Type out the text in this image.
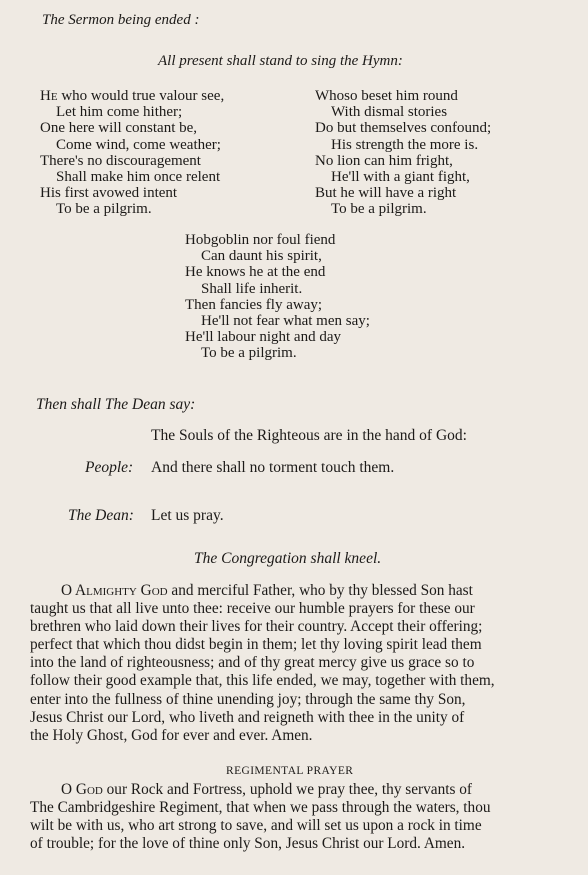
The Sermon being ended :
All present shall stand to sing the Hymn:
He who would true valour see,
Let him come hither;
One here will constant be,
Come wind, come weather;
There's no discouragement
Shall make him once relent
His first avowed intent
To be a pilgrim.
Whoso beset him round
With dismal stories
Do but themselves confound;
His strength the more is.
No lion can him fright,
He'll with a giant fight,
But he will have a right
To be a pilgrim.
Hobgoblin nor foul fiend
Can daunt his spirit,
He knows he at the end
Shall life inherit.
Then fancies fly away;
He'll not fear what men say;
He'll labour night and day
To be a pilgrim.
Then shall The Dean say:
The Souls of the Righteous are in the hand of God:
People: And there shall no torment touch them.
The Dean: Let us pray.
The Congregation shall kneel.
O Almighty God and merciful Father, who by thy blessed Son hast
taught us that all live unto thee: receive our humble prayers for these our
brethren who laid down their lives for their country. Accept their offering;
perfect that which thou didst begin in them; let thy loving spirit lead them
into the land of righteousness; and of thy great mercy give us grace so to
follow their good example that, this life ended, we may, together with them,
enter into the fullness of thine unending joy; through the same thy Son,
Jesus Christ our Lord, who liveth and reigneth with thee in the unity of
the Holy Ghost, God for ever and ever. Amen.
REGIMENTAL PRAYER
O God our Rock and Fortress, uphold we pray thee, thy servants of
The Cambridgeshire Regiment, that when we pass through the waters, thou
wilt be with us, who art strong to save, and will set us upon a rock in time
of trouble; for the love of thine only Son, Jesus Christ our Lord. Amen.
